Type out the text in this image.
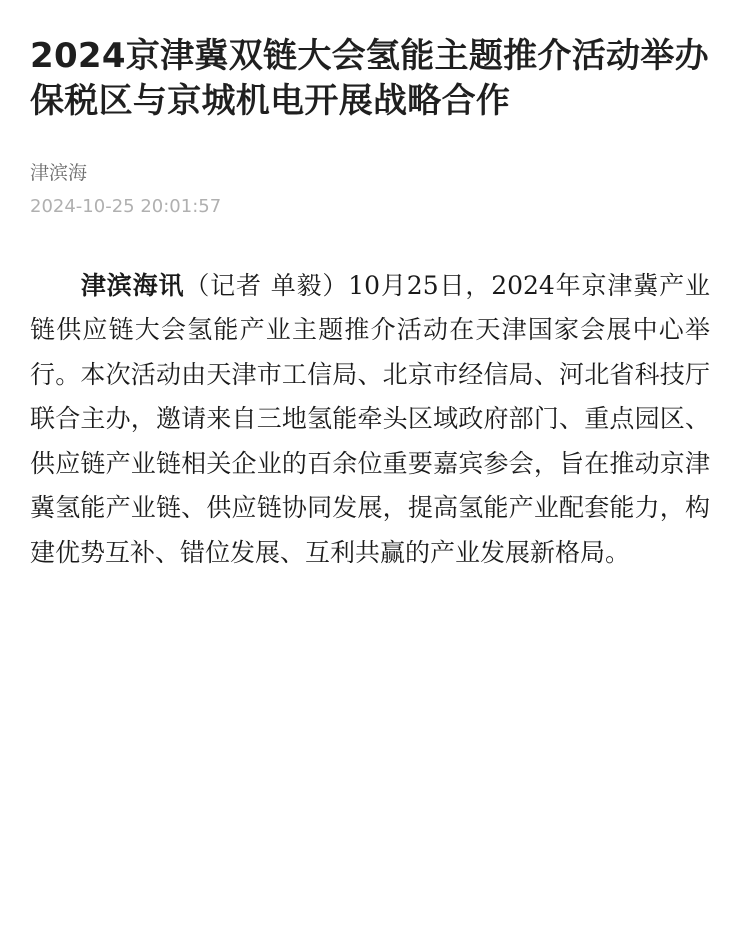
2024京津冀双链大会氢能主题推介活动举办 保税区与京城机电开展战略合作
津滨海
2024-10-25 20:01:57

津滨海讯（记者 单毅）10月25日，2024年京津冀产业链供应链大会氢能产业主题推介活动在天津国家会展中心举行。本次活动由天津市工信局、北京市经信局、河北省科技厅联合主办，邀请来自三地氢能牵头区域政府部门、重点园区、供应链产业链相关企业的百余位重要嘉宾参会，旨在推动京津冀氢能产业链、供应链协同发展，提高氢能产业配套能力，构建优势互补、错位发展、互利共赢的产业发展新格局。
